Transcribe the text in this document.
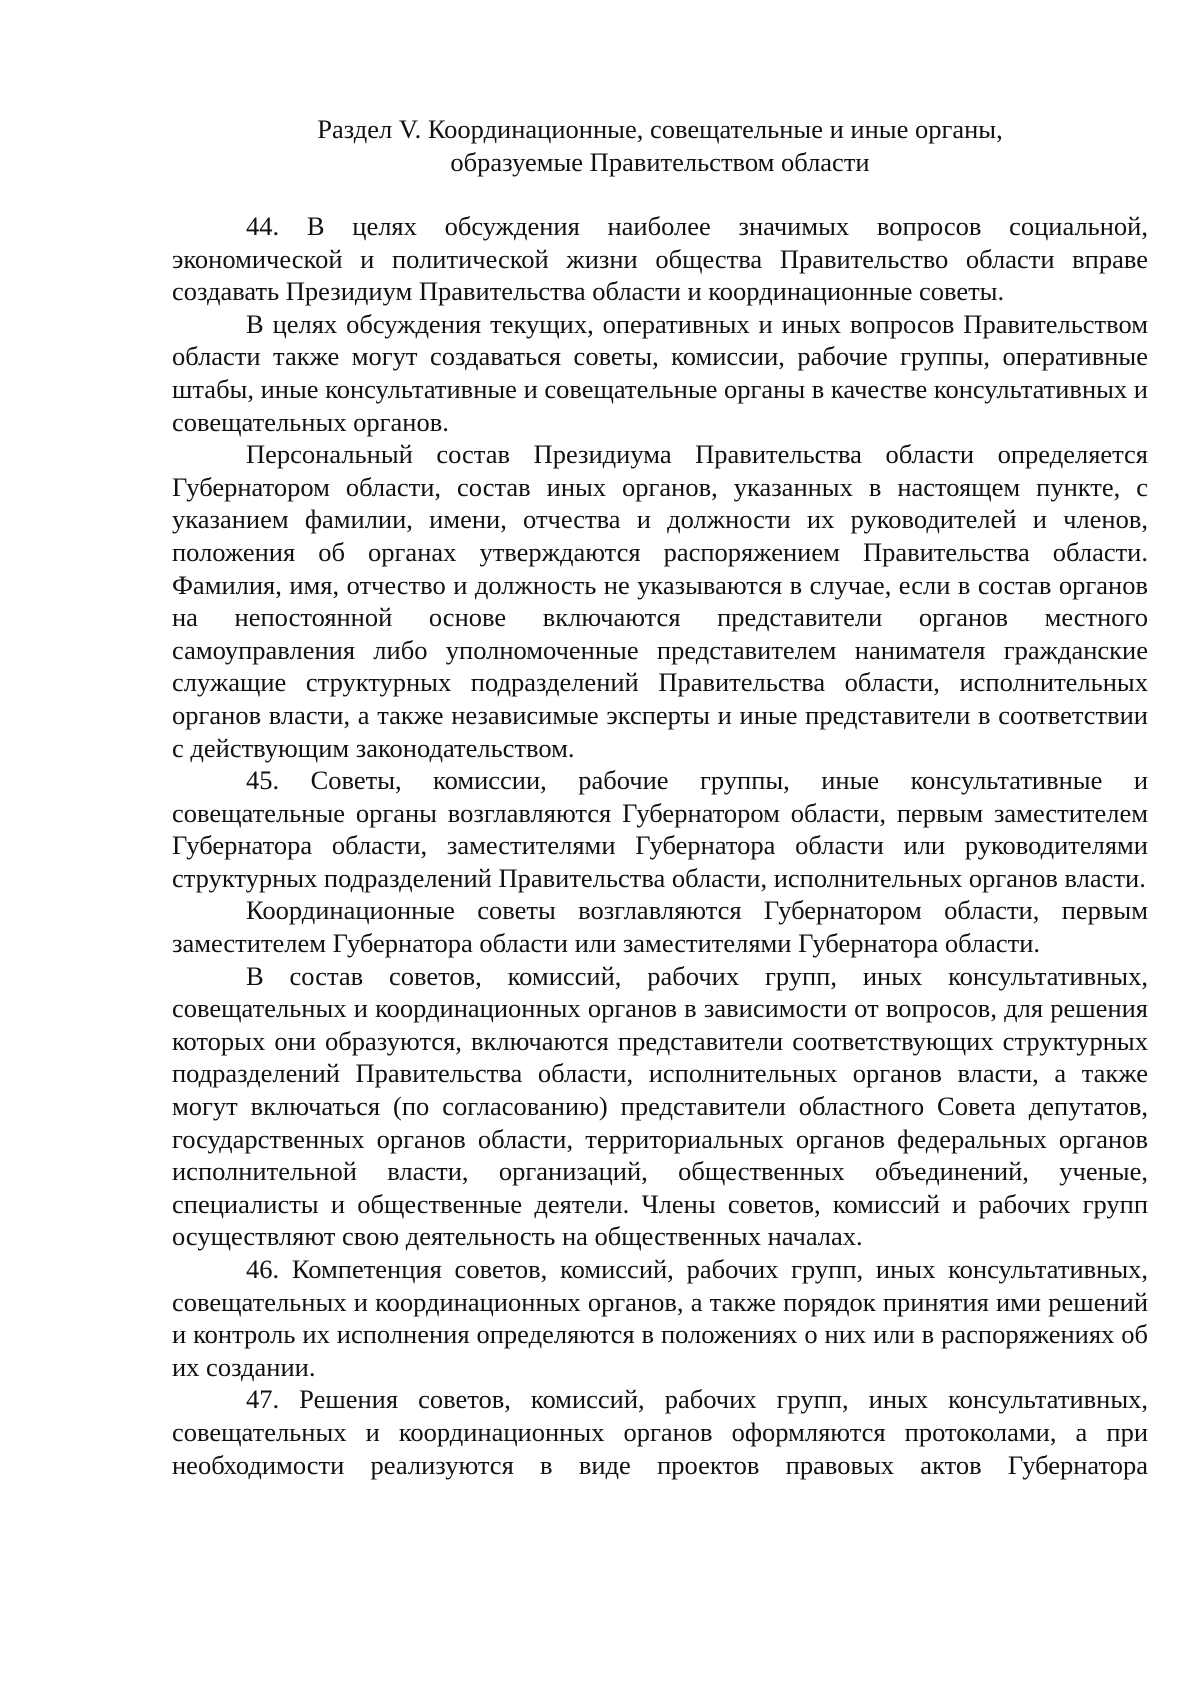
Раздел V. Координационные, совещательные и иные органы,
образуемые Правительством области

44. В целях обсуждения наиболее значимых вопросов социальной, экономической и политической жизни общества Правительство области вправе создавать Президиум Правительства области и координационные советы.

В целях обсуждения текущих, оперативных и иных вопросов Правительством области также могут создаваться советы, комиссии, рабочие группы, оперативные штабы, иные консультативные и совещательные органы в качестве консультативных и совещательных органов.

Персональный состав Президиума Правительства области определяется Губернатором области, состав иных органов, указанных в настоящем пункте, с указанием фамилии, имени, отчества и должности их руководителей и членов, положения об органах утверждаются распоряжением Правительства области. Фамилия, имя, отчество и должность не указываются в случае, если в состав органов на непостоянной основе включаются представители органов местного самоуправления либо уполномоченные представителем нанимателя гражданские служащие структурных подразделений Правительства области, исполнительных органов власти, а также независимые эксперты и иные представители в соответствии с действующим законодательством.

45. Советы, комиссии, рабочие группы, иные консультативные и совещательные органы возглавляются Губернатором области, первым заместителем Губернатора области, заместителями Губернатора области или руководителями структурных подразделений Правительства области, исполнительных органов власти.

Координационные советы возглавляются Губернатором области, первым заместителем Губернатора области или заместителями Губернатора области.

В состав советов, комиссий, рабочих групп, иных консультативных, совещательных и координационных органов в зависимости от вопросов, для решения которых они образуются, включаются представители соответствующих структурных подразделений Правительства области, исполнительных органов власти, а также могут включаться (по согласованию) представители областного Совета депутатов, государственных органов области, территориальных органов федеральных органов исполнительной власти, организаций, общественных объединений, ученые, специалисты и общественные деятели. Члены советов, комиссий и рабочих групп осуществляют свою деятельность на общественных началах.

46. Компетенция советов, комиссий, рабочих групп, иных консультативных, совещательных и координационных органов, а также порядок принятия ими решений и контроль их исполнения определяются в положениях о них или в распоряжениях об их создании.

47. Решения советов, комиссий, рабочих групп, иных консультативных, совещательных и координационных органов оформляются протоколами, а при необходимости реализуются в виде проектов правовых актов Губернатора
